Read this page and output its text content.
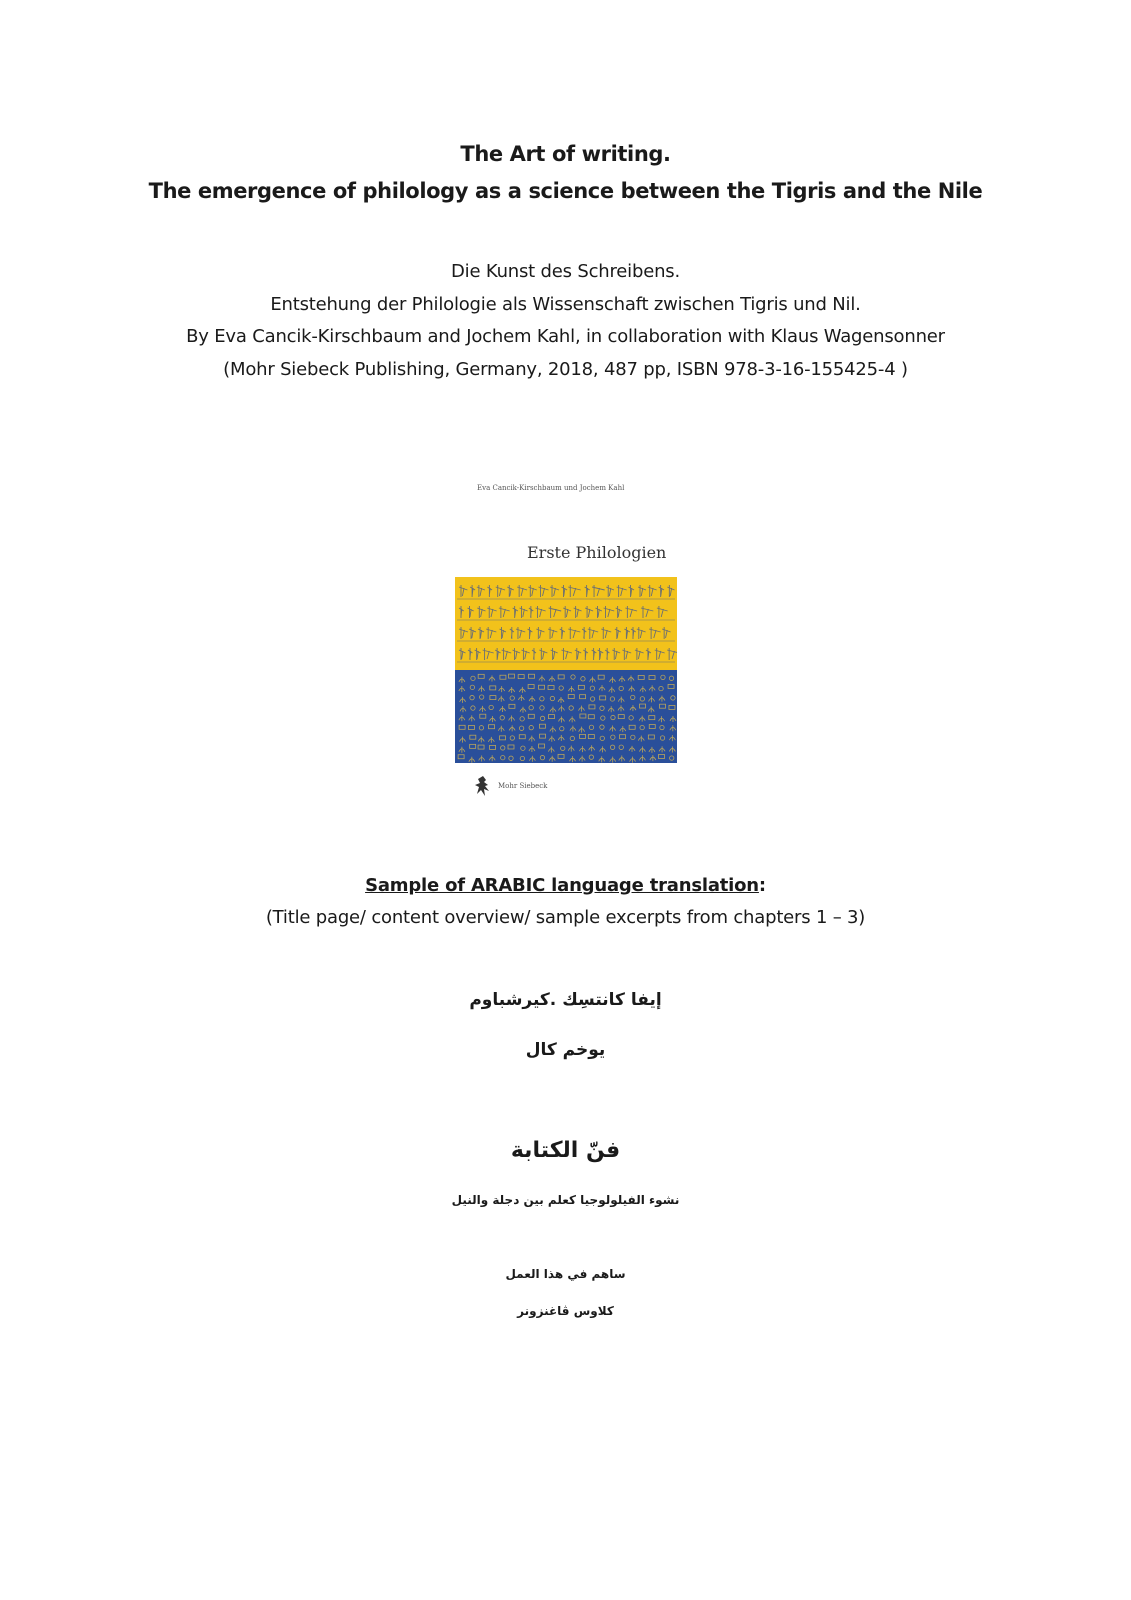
The Art of writing.

The emergence of philology as a science between the Tigris and the Nile

Die Kunst des Schreibens.

Entstehung der Philologie als Wissenschaft zwischen Tigris und Nil.

By Eva Cancik-Kirschbaum and Jochem Kahl, in collaboration with Klaus Wagensonner

(Mohr Siebeck Publishing, Germany, 2018, 487 pp, ISBN 978-3-16-155425-4 )

Eva Cancik-Kirschbaum und Jochem Kahl
Erste Philologien
Mohr Siebeck

Sample of ARABIC language translation:

(Title page/ content overview/ sample excerpts from chapters 1 – 3)

إيفا كانتسِك .كيرشباوم

يوخم كال

فنّ الكتابة

نشوء الفيلولوجيا كعلم بين دجلة والنيل

ساهم في هذا العمل

كلاوس ڤاغنزونر
